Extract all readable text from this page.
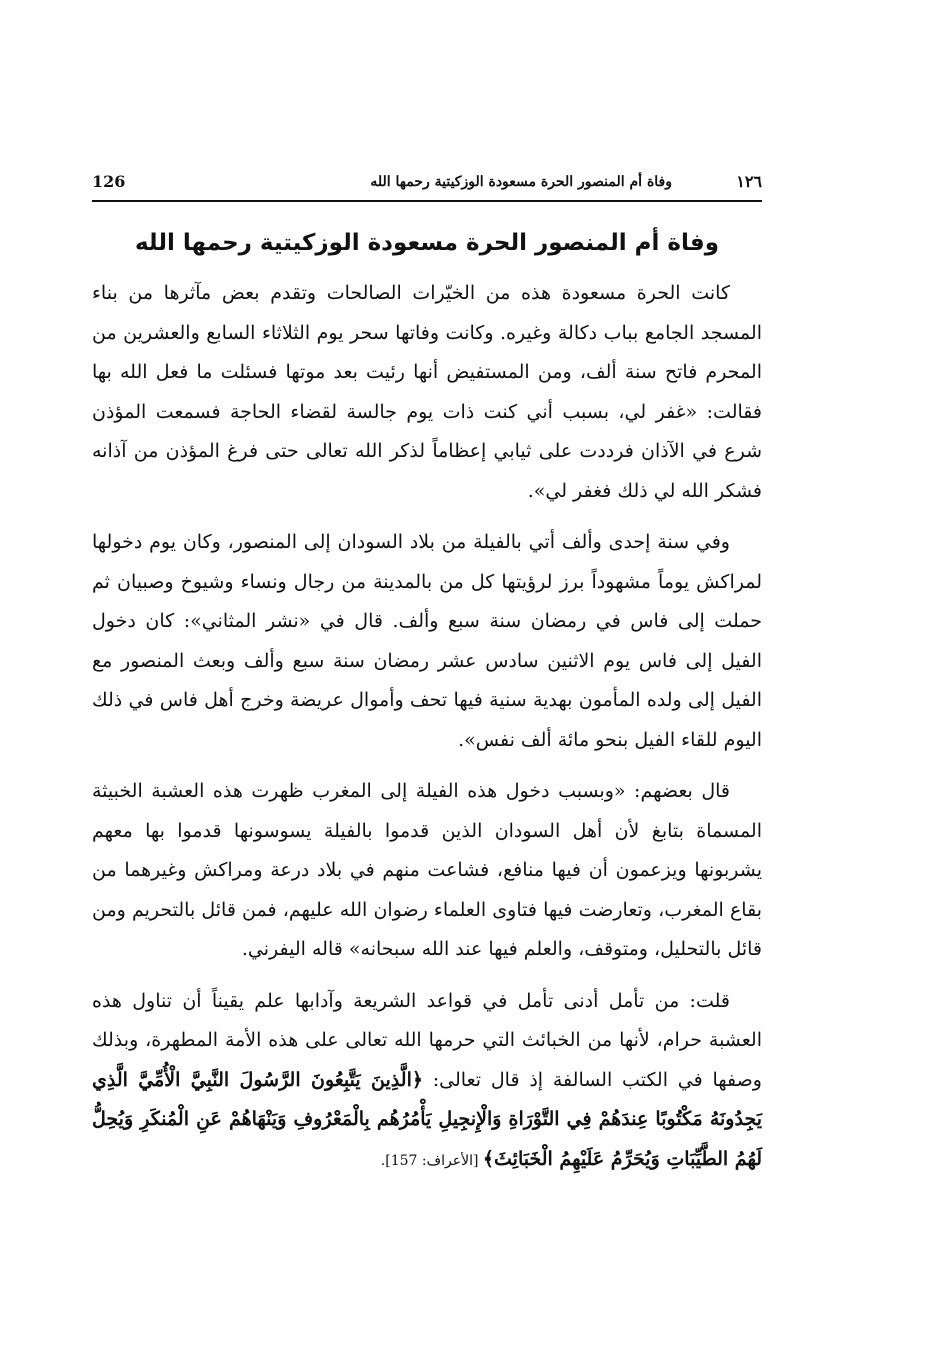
١٢٦
وفاة أم المنصور الحرة مسعودة الوزكيتية رحمها الله
126
وفاة أم المنصور الحرة مسعودة الوزكيتية رحمها الله

كانت الحرة مسعودة هذه من الخيّرات الصالحات وتقدم بعض مآثرها من بناء المسجد الجامع بباب دكالة وغيره. وكانت وفاتها سحر يوم الثلاثاء السابع والعشرين من المحرم فاتح سنة ألف، ومن المستفيض أنها رئيت بعد موتها فسئلت ما فعل الله بها فقالت: «غفر لي، بسبب أني كنت ذات يوم جالسة لقضاء الحاجة فسمعت المؤذن شرع في الآذان فرددت على ثيابي إعظاماً لذكر الله تعالى حتى فرغ المؤذن من آذانه فشكر الله لي ذلك فغفر لي».

وفي سنة إحدى وألف أتي بالفيلة من بلاد السودان إلى المنصور، وكان يوم دخولها لمراكش يوماً مشهوداً برز لرؤيتها كل من بالمدينة من رجال ونساء وشيوخ وصبيان ثم حملت إلى فاس في رمضان سنة سبع وألف. قال في «نشر المثاني»: كان دخول الفيل إلى فاس يوم الاثنين سادس عشر رمضان سنة سبع وألف وبعث المنصور مع الفيل إلى ولده المأمون بهدية سنية فيها تحف وأموال عريضة وخرج أهل فاس في ذلك اليوم للقاء الفيل بنحو مائة ألف نفس».

قال بعضهم: «وبسبب دخول هذه الفيلة إلى المغرب ظهرت هذه العشبة الخبيثة المسماة بتابغ لأن أهل السودان الذين قدموا بالفيلة يسوسونها قدموا بها معهم يشربونها ويزعمون أن فيها منافع، فشاعت منهم في بلاد درعة ومراكش وغيرهما من بقاع المغرب، وتعارضت فيها فتاوى العلماء رضوان الله عليهم، فمن قائل بالتحريم ومن قائل بالتحليل، ومتوقف، والعلم فيها عند الله سبحانه» قاله اليفرني.

قلت: من تأمل أدنى تأمل في قواعد الشريعة وآدابها علم يقيناً أن تناول هذه العشبة حرام، لأنها من الخبائث التي حرمها الله تعالى على هذه الأمة المطهرة، وبذلك وصفها في الكتب السالفة إذ قال تعالى: ﴿الَّذِينَ يَتَّبِعُونَ الرَّسُولَ النَّبِيَّ الْأُمِّيَّ الَّذِي يَجِدُونَهُ مَكْتُوبًا عِندَهُمْ فِي التَّوْرَاةِ وَالْإِنجِيلِ يَأْمُرُهُم بِالْمَعْرُوفِ وَيَنْهَاهُمْ عَنِ الْمُنكَرِ وَيُحِلُّ لَهُمُ الطَّيِّبَاتِ وَيُحَرِّمُ عَلَيْهِمُ الْخَبَائِثَ﴾ [الأعراف: 157].
